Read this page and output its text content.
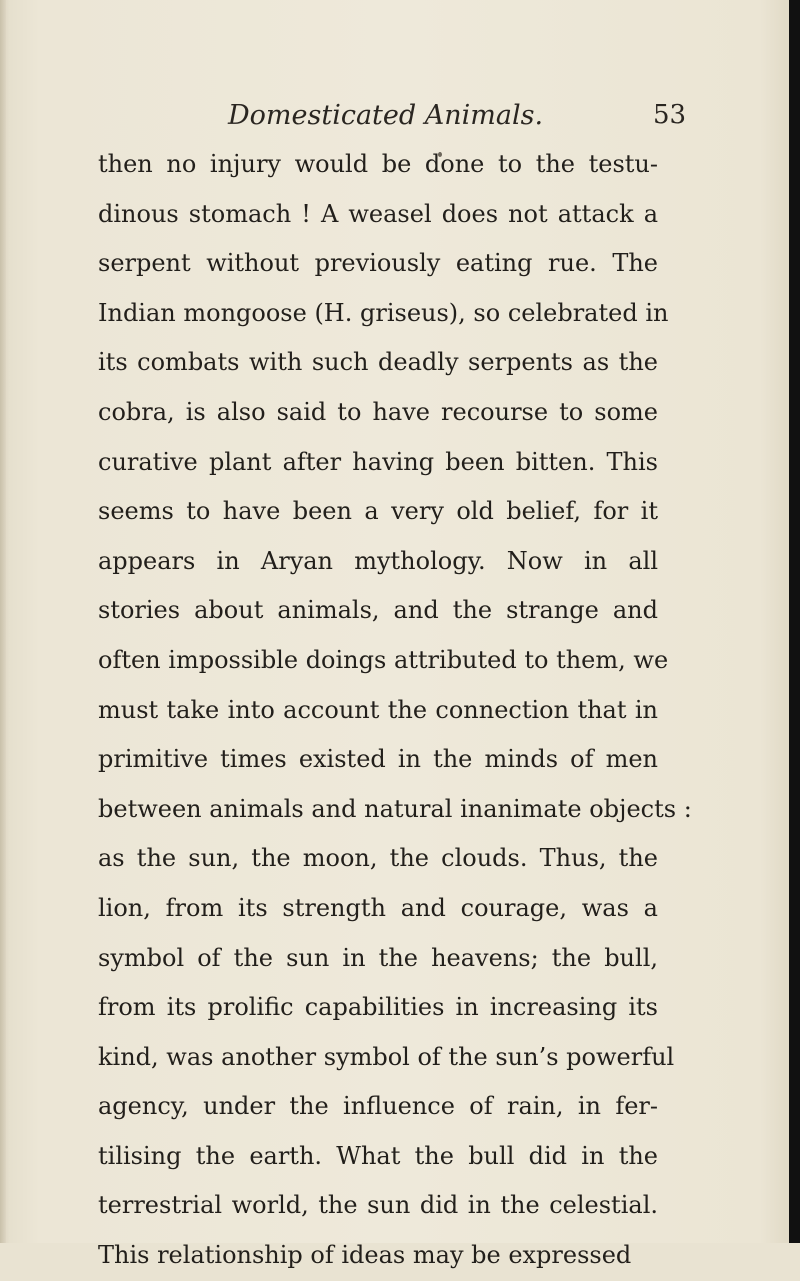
Domesticated Animals.	53
then no injury would be done to the testu-
dinous stomach ! A weasel does not attack a
serpent without previously eating rue. The
Indian mongoose (H. griseus), so celebrated in
its combats with such deadly serpents as the
cobra, is also said to have recourse to some
curative plant after having been bitten. This
seems to have been a very old belief, for it
appears in Aryan mythology. Now in all
stories about animals, and the strange and
often impossible doings attributed to them, we
must take into account the connection that in
primitive times existed in the minds of men
between animals and natural inanimate objects :
as the sun, the moon, the clouds. Thus, the
lion, from its strength and courage, was a
symbol of the sun in the heavens; the bull,
from its prolific capabilities in increasing its
kind, was another symbol of the sun’s powerful
agency, under the influence of rain, in fer-
tilising the earth. What the bull did in the
terrestrial world, the sun did in the celestial.
This relationship of ideas may be expressed
